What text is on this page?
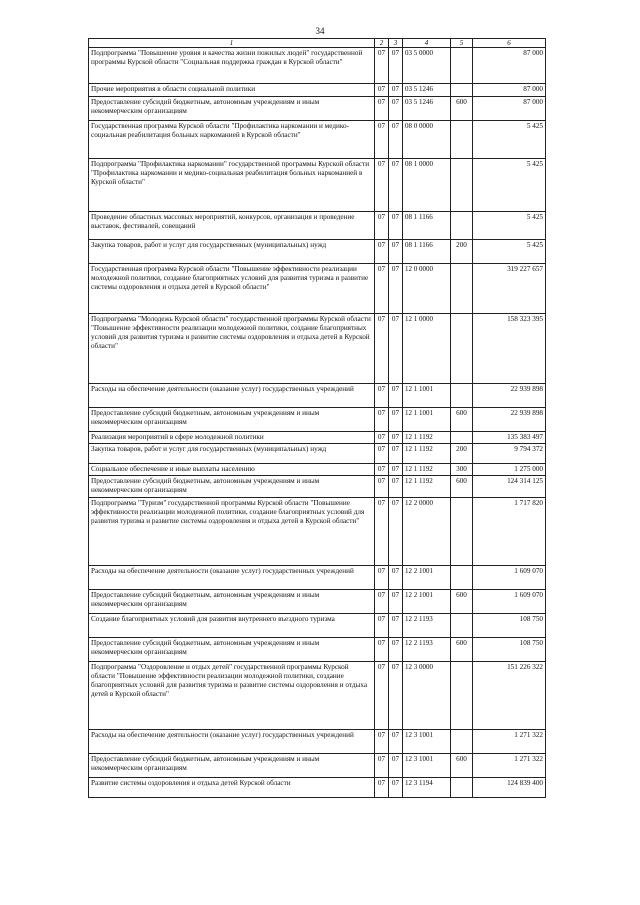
34
1	2	3	4	5	6
Подпрограмма "Повышение уровня и качества жизни пожилых людей" государственной программы Курской области "Социальная поддержка граждан в Курской области"	07	07	03 5 0000		87 000
Прочие мероприятия в области социальной политики	07	07	03 5 1246		87 000
Предоставление субсидий бюджетным, автономным учреждениям и иным некоммерческим организациям	07	07	03 5 1246	600	87 000
Государственная программа Курской области "Профилактика наркомании и медико-социальная реабилитация больных наркоманией в Курской области"	07	07	08 0 0000		5 425
Подпрограмма "Профилактика наркомании" государственной программы Курской области "Профилактика наркомании и медико-социальная реабилитация больных наркоманией в Курской области"	07	07	08 1 0000		5 425
Проведение областных массовых мероприятий, конкурсов, организация и проведение выставок, фестивалей, совещаний	07	07	08 1 1166		5 425
Закупка товаров, работ и услуг для государственных (муниципальных) нужд	07	07	08 1 1166	200	5 425
Государственная программа Курской области "Повышение эффективности реализации молодежной политики, создание благоприятных условий для развития туризма и развитие системы оздоровления и отдыха детей в Курской области"	07	07	12 0 0000		319 227 657
Подпрограмма "Молодежь Курской области" государственной программы Курской области "Повышение эффективности реализации молодежной политики, создание благоприятных условий для развития туризма и развитие системы оздоровления и отдыха детей в Курской области"	07	07	12 1 0000		158 323 395
Расходы на обеспечение деятельности (оказание услуг) государственных учреждений	07	07	12 1 1001		22 939 898
Предоставление субсидий бюджетным, автономным учреждениям и иным некоммерческим организациям	07	07	12 1 1001	600	22 939 898
Реализация мероприятий в сфере молодежной политики	07	07	12 1 1192		135 383 497
Закупка товаров, работ и услуг для государственных (муниципальных) нужд	07	07	12 1 1192	200	9 794 372
Социальное обеспечение и иные выплаты населению	07	07	12 1 1192	300	1 275 000
Предоставление субсидий бюджетным, автономным учреждениям и иным некоммерческим организациям	07	07	12 1 1192	600	124 314 125
Подпрограмма "Туризм" государственной программы Курской области "Повышение эффективности реализации молодежной политики, создание благоприятных условий для развития туризма и развитие системы оздоровления и отдыха детей в Курской области"	07	07	12 2 0000		1 717 820
Расходы на обеспечение деятельности (оказание услуг) государственных учреждений	07	07	12 2 1001		1 609 070
Предоставление субсидий бюджетным, автономным учреждениям и иным некоммерческим организациям	07	07	12 2 1001	600	1 609 070
Создание благоприятных условий для развития внутреннего въездного туризма	07	07	12 2 1193		108 750
Предоставление субсидий бюджетным, автономным учреждениям и иным некоммерческим организациям	07	07	12 2 1193	600	108 750
Подпрограмма "Оздоровление и отдых детей" государственной программы Курской области "Повышение эффективности реализации молодежной политики, создание благоприятных условий для развития туризма и развитие системы оздоровления и отдыха детей в Курской области"	07	07	12 3 0000		151 226 322
Расходы на обеспечение деятельности (оказание услуг) государственных учреждений	07	07	12 3 1001		1 271 322
Предоставление субсидий бюджетным, автономным учреждениям и иным некоммерческим организациям	07	07	12 3 1001	600	1 271 322
Развитие системы оздоровления и отдыха детей Курской области	07	07	12 3 1194		124 839 400
